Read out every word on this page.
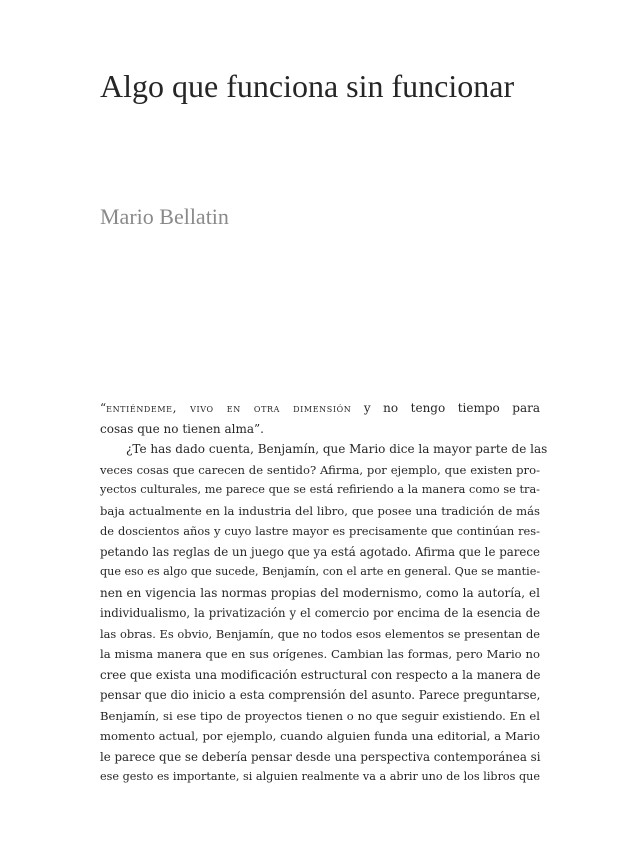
Algo que funciona sin funcionar
Mario Bellatin
“entiéndeme, vivo en otra dimensión y no tengo tiempo para
cosas que no tienen alma”.
¿Te has dado cuenta, Benjamín, que Mario dice la mayor parte de las
veces cosas que carecen de sentido? Afirma, por ejemplo, que existen pro-
yectos culturales, me parece que se está refiriendo a la manera como se tra-
baja actualmente en la industria del libro, que posee una tradición de más
de doscientos años y cuyo lastre mayor es precisamente que continúan res-
petando las reglas de un juego que ya está agotado. Afirma que le parece
que eso es algo que sucede, Benjamín, con el arte en general. Que se mantie-
nen en vigencia las normas propias del modernismo, como la autoría, el
individualismo, la privatización y el comercio por encima de la esencia de
las obras. Es obvio, Benjamín, que no todos esos elementos se presentan de
la misma manera que en sus orígenes. Cambian las formas, pero Mario no
cree que exista una modificación estructural con respecto a la manera de
pensar que dio inicio a esta comprensión del asunto. Parece preguntarse,
Benjamín, si ese tipo de proyectos tienen o no que seguir existiendo. En el
momento actual, por ejemplo, cuando alguien funda una editorial, a Mario
le parece que se debería pensar desde una perspectiva contemporánea si
ese gesto es importante, si alguien realmente va a abrir uno de los libros que
